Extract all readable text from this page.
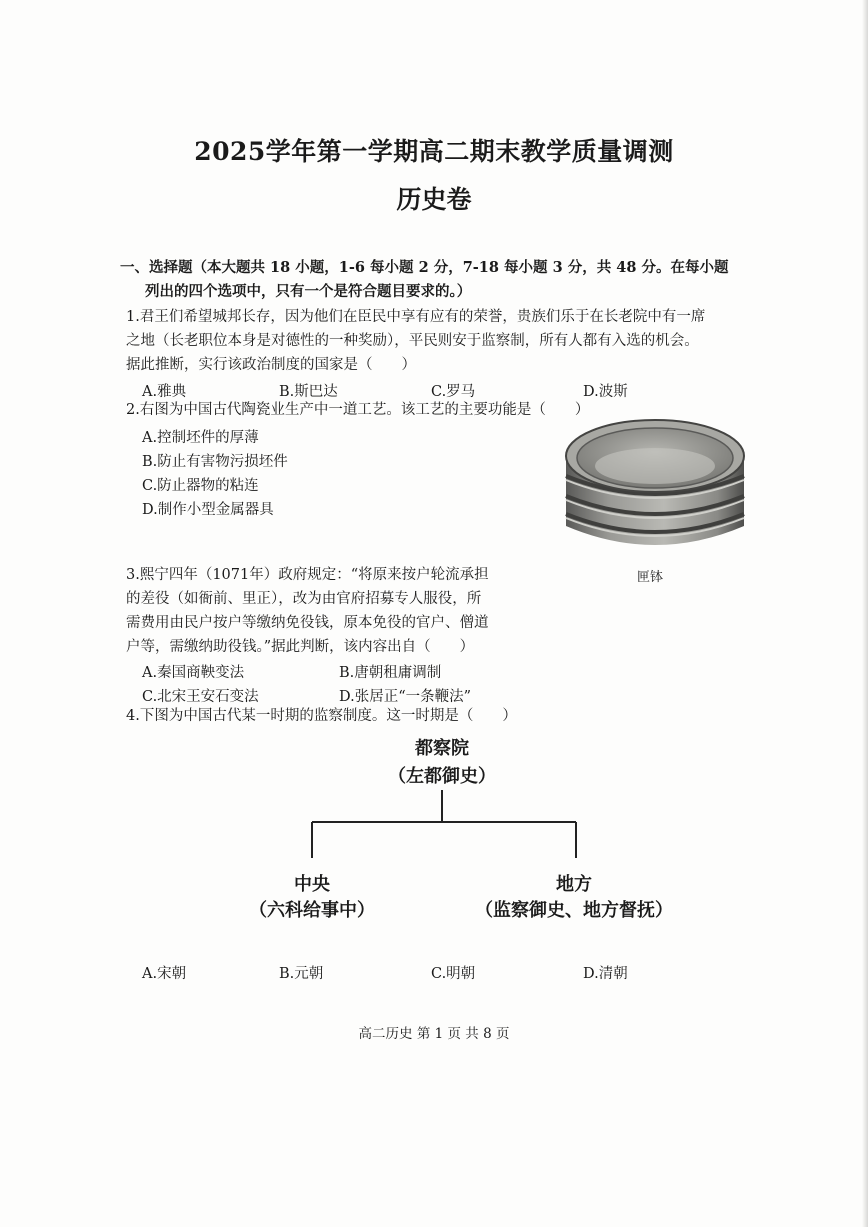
2025学年第一学期高二期末教学质量调测
历史卷
一、选择题（本大题共 18 小题，1-6 每小题 2 分，7-18 每小题 3 分，共 48 分。在每小题
列出的四个选项中，只有一个是符合题目要求的。）
1.君王们希望城邦长存，因为他们在臣民中享有应有的荣誉，贵族们乐于在长老院中有一席
之地（长老职位本身是对德性的一种奖励），平民则安于监察制，所有人都有入选的机会。
据此推断，实行该政治制度的国家是（　　）
A.雅典	B.斯巴达	C.罗马	D.波斯
2.右图为中国古代陶瓷业生产中一道工艺。该工艺的主要功能是（　　）
A.控制坯件的厚薄
B.防止有害物污损坯件
C.防止器物的粘连
D.制作小型金属器具
匣钵
3.熙宁四年（1071年）政府规定：“将原来按户轮流承担
的差役（如衙前、里正），改为由官府招募专人服役，所
需费用由民户按户等缴纳免役钱，原本免役的官户、僧道
户等，需缴纳助役钱。”据此判断，该内容出自（　　）
A.秦国商鞅变法	B.唐朝租庸调制
C.北宋王安石变法	D.张居正“一条鞭法”
4.下图为中国古代某一时期的监察制度。这一时期是（　　）
都察院
（左都御史）
中央
（六科给事中）
地方
（监察御史、地方督抚）
A.宋朝	B.元朝	C.明朝	D.清朝
高二历史 第 1 页 共 8 页
